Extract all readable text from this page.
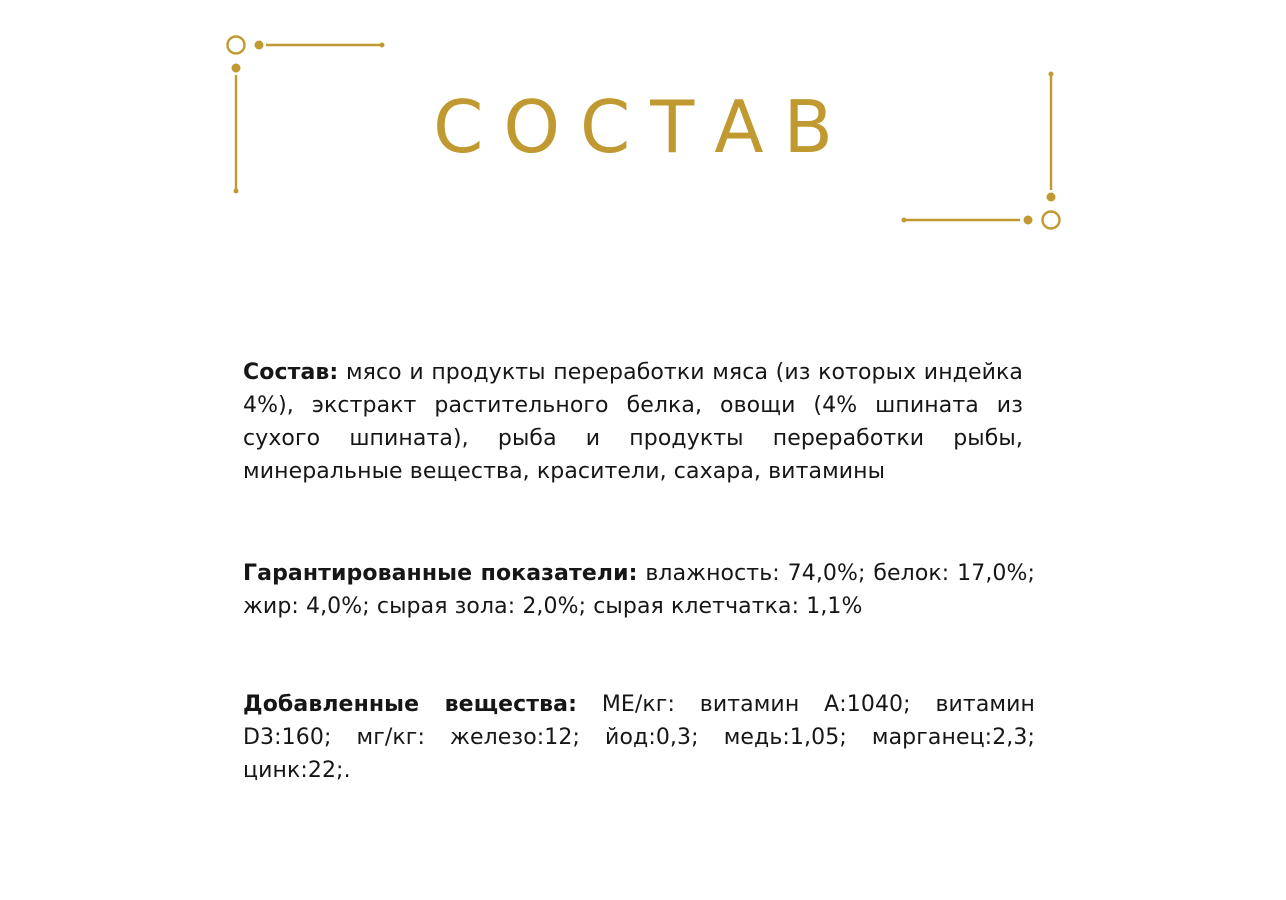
СОСТАВ

Состав: мясо и продукты переработки мяса (из которых индейка 4%), экстракт растительного белка, овощи (4% шпината из сухого шпината), рыба и продукты переработки рыбы, минеральные вещества, красители, сахара, витамины

Гарантированные показатели: влажность: 74,0%; белок: 17,0%; жир: 4,0%; сырая зола: 2,0%; сырая клетчатка: 1,1%

Добавленные вещества: МЕ/кг: витамин А:1040; витамин D3:160; мг/кг: железо:12; йод:0,3; медь:1,05; марганец:2,3; цинк:22;.
